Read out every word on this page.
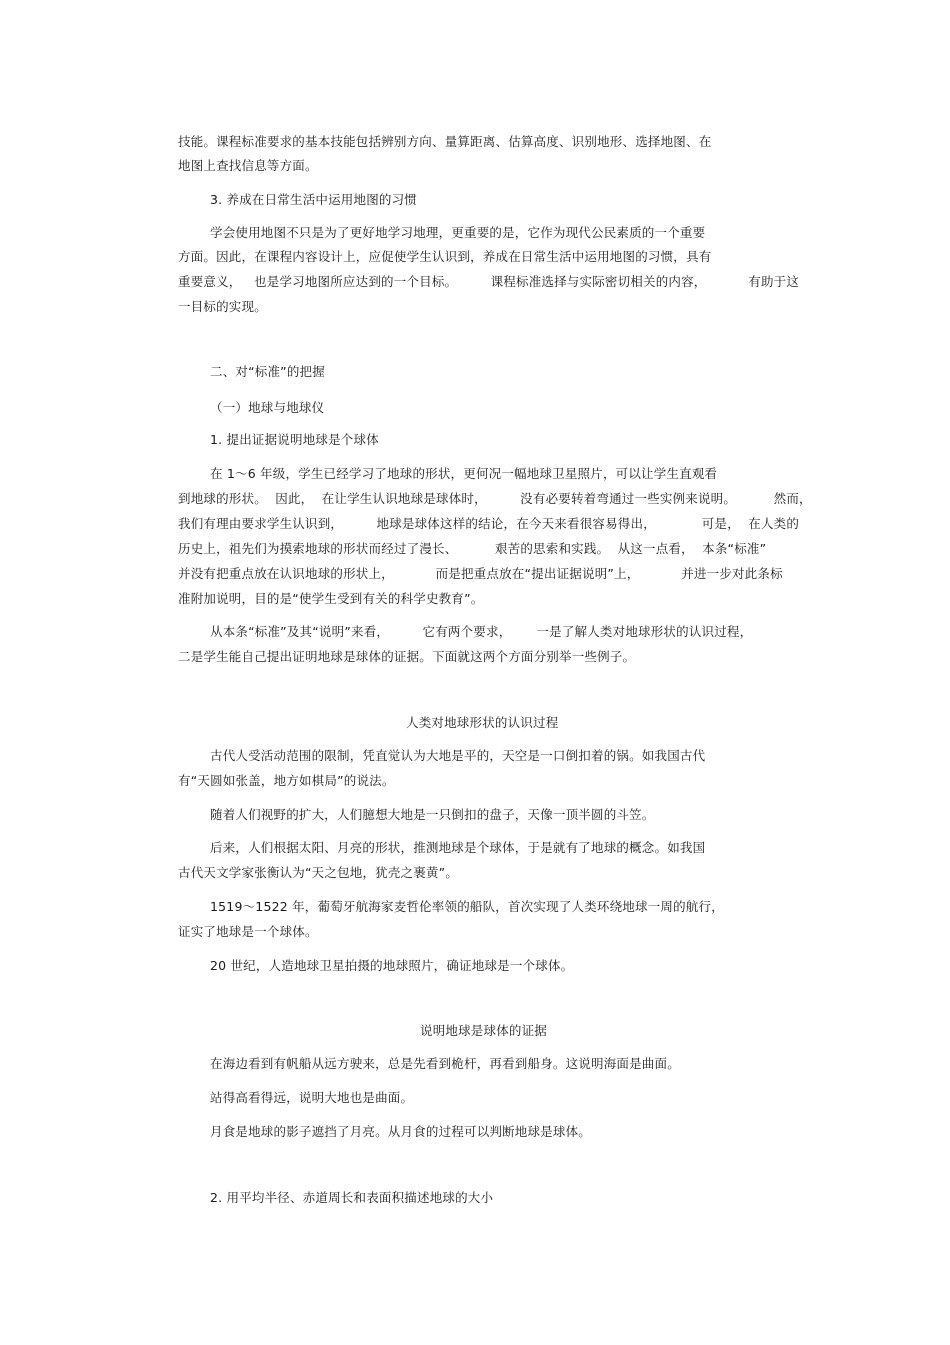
技能。课程标准要求的基本技能包括辨别方向、量算距离、估算高度、识别地形、选择地图、在

地图上查找信息等方面。

3. 养成在日常生活中运用地图的习惯

学会使用地图不只是为了更好地学习地理，更重要的是，它作为现代公民素质的一个重要

方面。因此，在课程内容设计上，应促使学生认识到，养成在日常生活中运用地图的习惯，具有

重要意义，   也是学习地图所应达到的一个目标。        课程标准选择与实际密切相关的内容，          有助于这

一目标的实现。

二、对“标准”的把握

（一）地球与地球仪

1. 提出证据说明地球是个球体

在 1～6 年级，学生已经学习了地球的形状，更何况一幅地球卫星照片，可以让学生直观看

到地球的形状。  因此，  在让学生认识地球是球体时，        没有必要转着弯通过一些实例来说明。         然而，

我们有理由要求学生认识到，        地球是球体这样的结论，在今天来看很容易得出，           可是，  在人类的

历史上，祖先们为摸索地球的形状而经过了漫长、         艰苦的思索和实践。  从这一点看，  本条“标准”

并没有把重点放在认识地球的形状上，          而是把重点放在“提出证据说明”上，          并进一步对此条标

准附加说明，目的是“使学生受到有关的科学史教育”。

从本条“标准”及其“说明”来看，        它有两个要求，      一是了解人类对地球形状的认识过程，

二是学生能自己提出证明地球是球体的证据。下面就这两个方面分别举一些例子。

人类对地球形状的认识过程

古代人受活动范围的限制，凭直觉认为大地是平的，天空是一口倒扣着的锅。如我国古代

有“天圆如张盖，地方如棋局”的说法。

随着人们视野的扩大，人们臆想大地是一只倒扣的盘子，天像一顶半圆的斗笠。

后来，人们根据太阳、月亮的形状，推测地球是个球体，于是就有了地球的概念。如我国

古代天文学家张衡认为“天之包地，犹壳之裹黄”。

1519～1522 年，葡萄牙航海家麦哲伦率领的船队，首次实现了人类环绕地球一周的航行，

证实了地球是一个球体。

20 世纪，人造地球卫星拍摄的地球照片，确证地球是一个球体。

说明地球是球体的证据

在海边看到有帆船从远方驶来，总是先看到桅杆，再看到船身。这说明海面是曲面。

站得高看得远，说明大地也是曲面。

月食是地球的影子遮挡了月亮。从月食的过程可以判断地球是球体。

2. 用平均半径、赤道周长和表面积描述地球的大小
